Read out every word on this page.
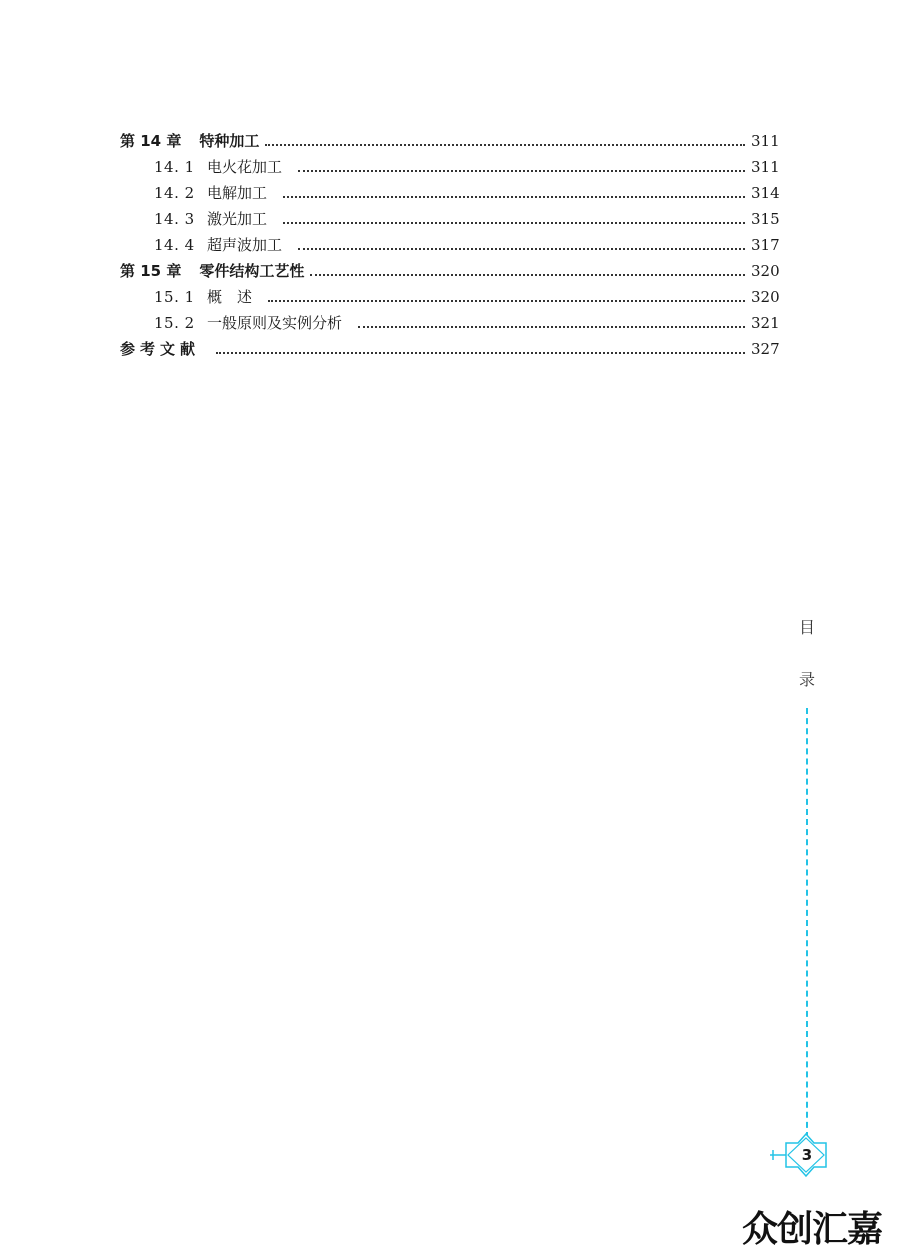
第 14 章 特种加工	311
14. 1 电火花加工	311
14. 2 电解加工	314
14. 3 激光加工	315
14. 4 超声波加工	317
第 15 章 零件结构工艺性	320
15. 1 概　述	320
15. 2 一般原则及实例分析	321
参考文献	327
目
录
3
众创汇嘉
